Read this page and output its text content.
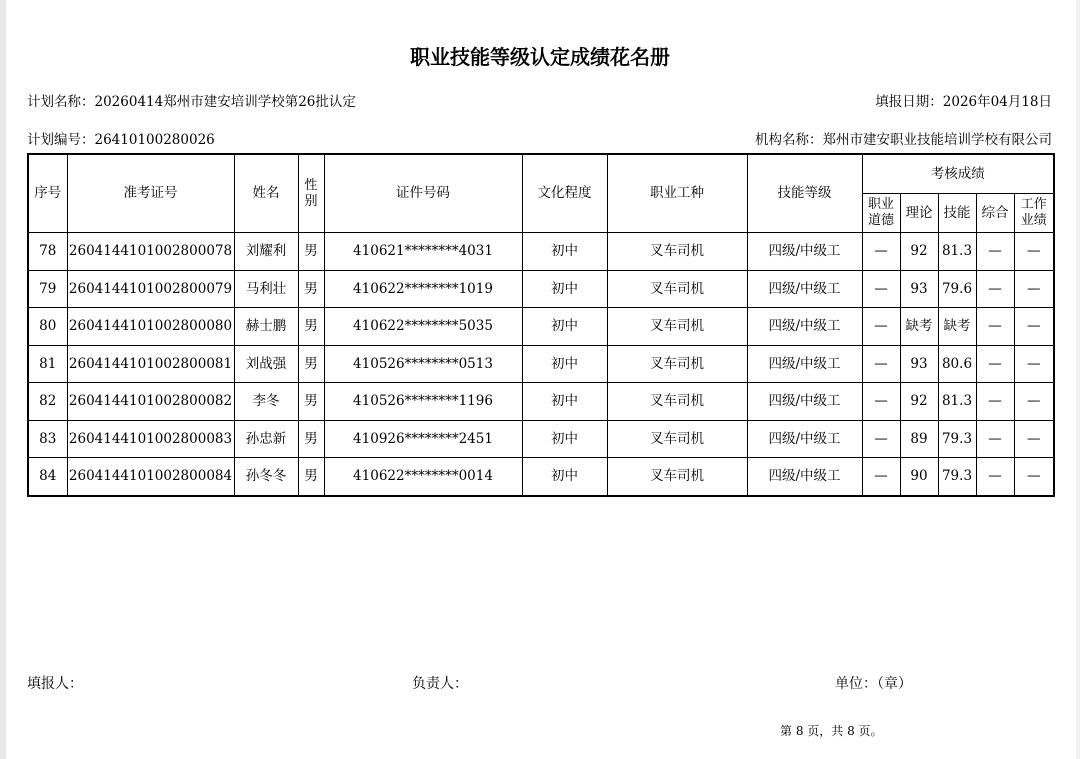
职业技能等级认定成绩花名册
计划名称：20260414郑州市建安培训学校第26批认定	填报日期：2026年04月18日
计划编号：26410100280026	机构名称：郑州市建安职业技能培训学校有限公司
序号	准考证号	姓名	性别	证件号码	文化程度	职业工种	技能等级	考核成绩				
								职业道德	理论	技能	综合	工作业绩
78	2604144101002800078	刘耀利	男	410621********4031	初中	叉车司机	四级/中级工	—	92	81.3	—	—
79	2604144101002800079	马利壮	男	410622********1019	初中	叉车司机	四级/中级工	—	93	79.6	—	—
80	2604144101002800080	赫士鹏	男	410622********5035	初中	叉车司机	四级/中级工	—	缺考	缺考	—	—
81	2604144101002800081	刘战强	男	410526********0513	初中	叉车司机	四级/中级工	—	93	80.6	—	—
82	2604144101002800082	李冬	男	410526********1196	初中	叉车司机	四级/中级工	—	92	81.3	—	—
83	2604144101002800083	孙忠新	男	410926********2451	初中	叉车司机	四级/中级工	—	89	79.3	—	—
84	2604144101002800084	孙冬冬	男	410622********0014	初中	叉车司机	四级/中级工	—	90	79.3	—	—
填报人：	负责人：	单位：（章）
第 8 页，共 8 页。
